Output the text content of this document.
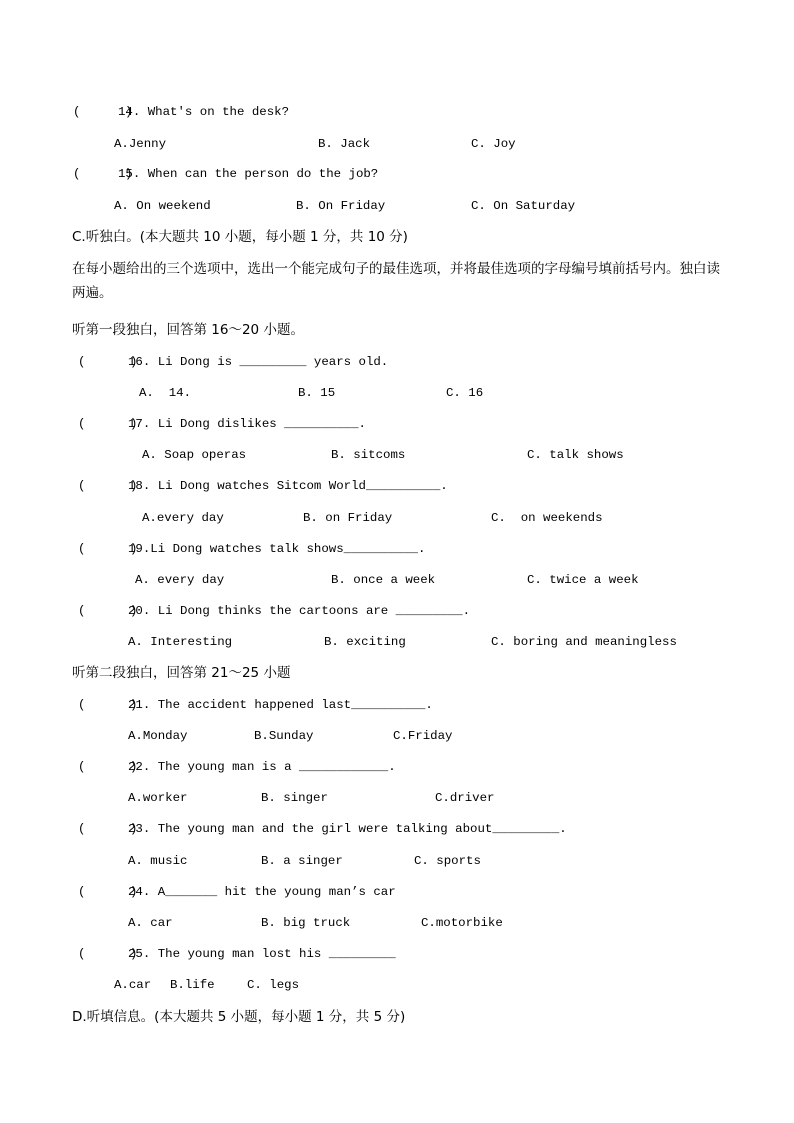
(      )
14. What's on the desk?
A.Jenny	B. Jack	C. Joy
(      )
15. When can the person do the job?
A. On weekend	B. On Friday	C. On Saturday
C.听独白。(本大题共 10 小题，每小题 1 分，共 10 分)
在每小题给出的三个选项中，选出一个能完成句子的最佳选项，并将最佳选项的字母编号填前括号内。独白读两遍。
听第一段独白，回答第 16～20 小题。
(      )
16. Li Dong is _________ years old.
A.  14.	B. 15	C. 16
(      )
17. Li Dong dislikes __________.
A. Soap operas	B. sitcoms	C. talk shows
(      )
18. Li Dong watches Sitcom World__________.
A.every day	B. on Friday	C.  on weekends
(      )
19.Li Dong watches talk shows__________.
A. every day	B. once a week	C. twice a week
(      )
20. Li Dong thinks the cartoons are _________.
A. Interesting	B. exciting	C. boring and meaningless
听第二段独白，回答第 21～25 小题
(      )
21. The accident happened last__________.
A.Monday	B.Sunday	C.Friday
(      )
22. The young man is a ____________.
A.worker	B. singer	C.driver
(      )
23. The young man and the girl were talking about_________.
A. music	B. a singer	C. sports
(      )
24. A_______ hit the young man’s car
A. car	B. big truck	C.motorbike
(      )
25. The young man lost his _________
A.car B.life	C. legs
D.听填信息。(本大题共 5 小题，每小题 1 分，共 5 分)
